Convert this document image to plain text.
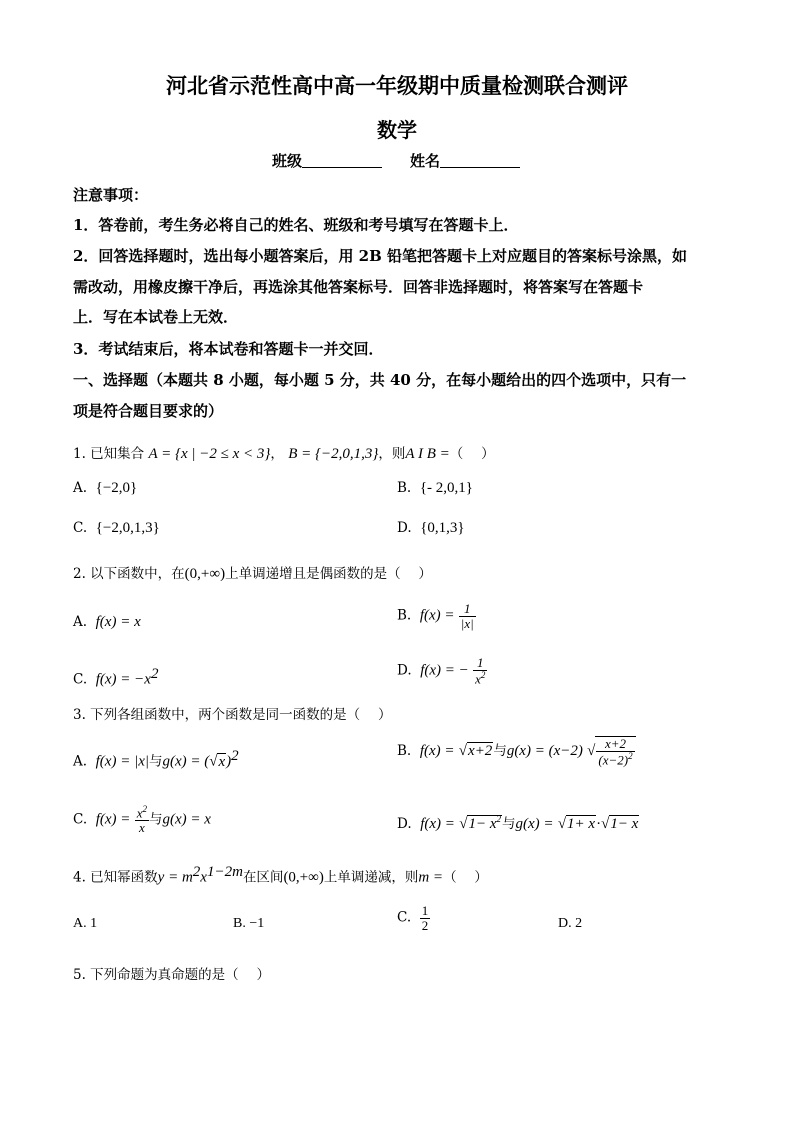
河北省示范性高中高一年级期中质量检测联合测评
数学
班级	姓名
注意事项：
1．答卷前，考生务必将自己的姓名、班级和考号填写在答题卡上．
2．回答选择题时，选出每小题答案后，用 2B 铅笔把答题卡上对应题目的答案标号涂黑，如
需改动，用橡皮擦干净后，再选涂其他答案标号．回答非选择题时，将答案写在答题卡
上．写在本试卷上无效．
3．考试结束后，将本试卷和答题卡一并交回．
一、选择题（本题共 8 小题，每小题 5 分，共 40 分，在每小题给出的四个选项中，只有一
项是符合题目要求的）
1. 已知集合 A = {x | −2 ≤ x < 3}， B = {−2,0,1,3}，则A I B =（　 ）
A. {−2,0}	B. {- 2,0,1}
C. {−2,0,1,3}	D. {0,1,3}
2. 以下函数中，在(0,+∞)上单调递增且是偶函数的是（　 ）
A. f(x) = x	B. $f(x) = \frac{1}{|x|}$
C. $f(x) = -x^2$	D. f(x) = − $\frac{1}{x^2}$
3. 下列各组函数中，两个函数是同一函数的是（　 ）
A. f(x) = |x|与$g(x) = (√x)^2$	B. f(x) = √x+2与g(x) = (x−2) √ $\frac{x+2}{(x-2)^2}$
C. $f(x) = \frac{x^2}{x}$ 与g(x) = x	D. $f(x) = √1- x^2$与g(x) = √1+ x·√1− x
4. 已知幂函数$y = m^2x^{1-2m}$在区间(0,+∞)上单调递减，则m =（　 ）
A. 1	B. −1	C. $\frac{1}{2}$	D. 2
5. 下列命题为真命题的是（　 ）
